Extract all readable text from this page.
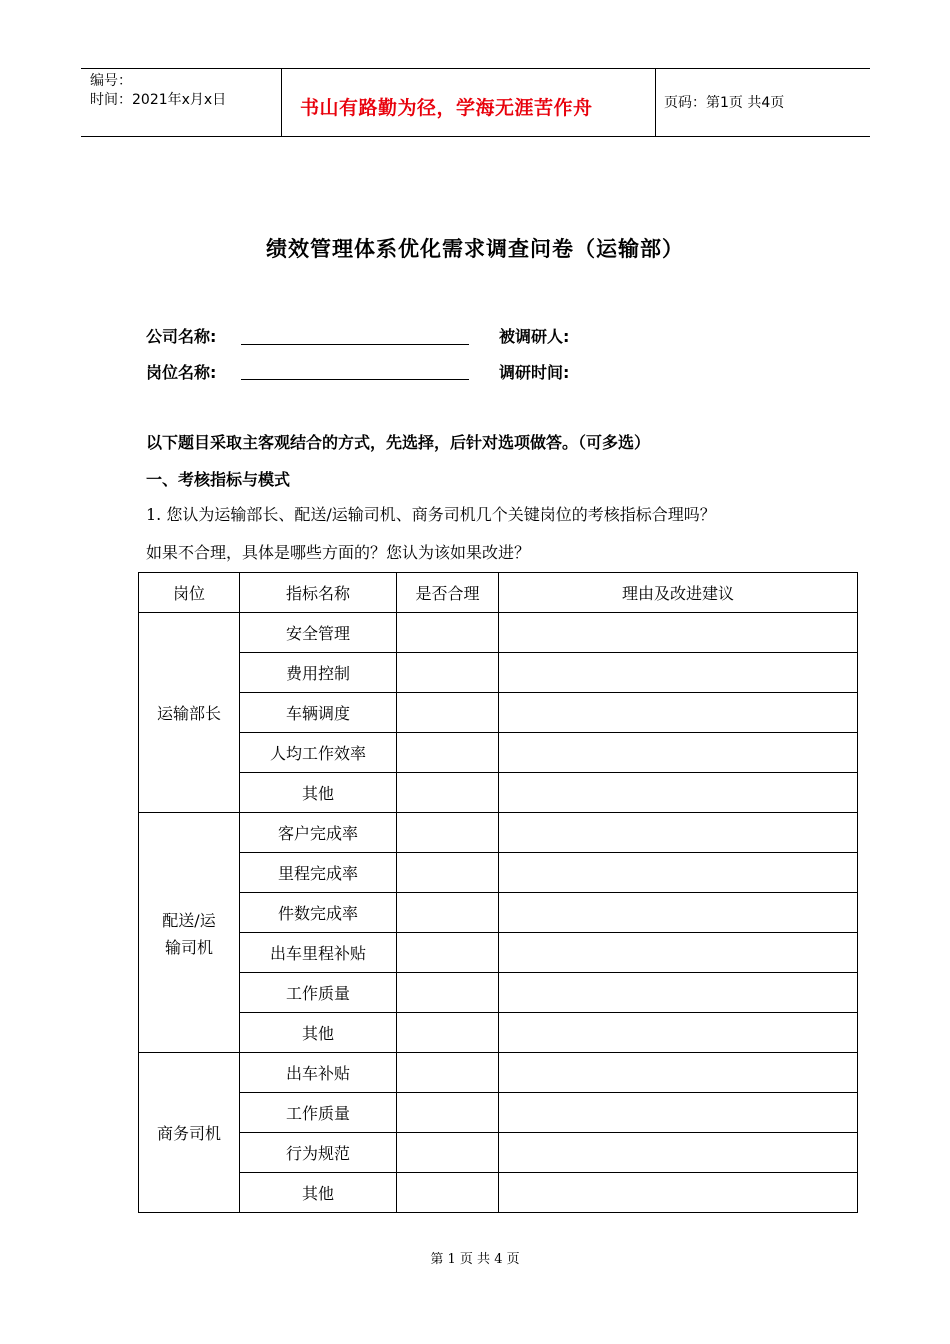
编号：
时间：2021年x月x日	书山有路勤为径，学海无涯苦作舟	页码：第1页 共4页
绩效管理体系优化需求调查问卷（运输部）
公司名称:	被调研人:
岗位名称:	调研时间:
以下题目采取主客观结合的方式，先选择，后针对选项做答。（可多选）
一、考核指标与模式
1. 您认为运输部长、配送/运输司机、商务司机几个关键岗位的考核指标合理吗？
如果不合理，具体是哪些方面的？您认为该如果改进？
岗位	指标名称	是否合理	理由及改进建议
运输部长	安全管理		
	费用控制		
	车辆调度		
	人均工作效率		
	其他		

配送/运
输司机	客户完成率		
	里程完成率		
	件数完成率		
	出车里程补贴		
	工作质量		
	其他		
商务司机	出车补贴		
	工作质量		
	行为规范		
	其他		
第 1 页 共 4 页
